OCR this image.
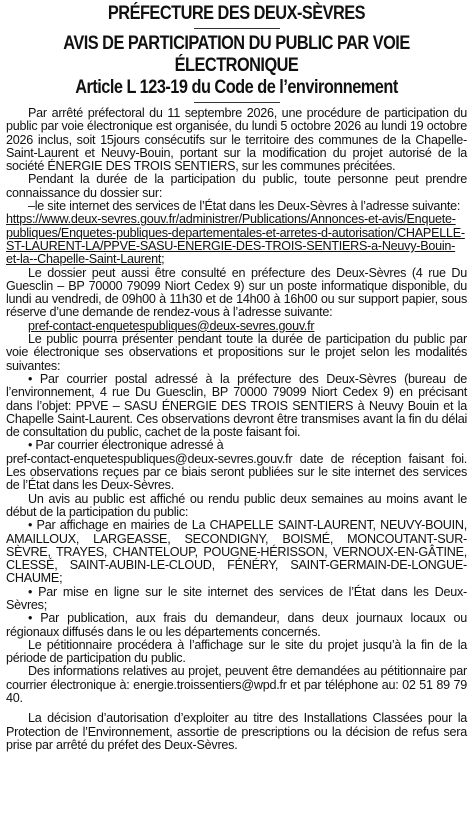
PRÉFECTURE DES DEUX-SÈVRES
AVIS DE PARTICIPATION DU PUBLIC PAR VOIE
ÉLECTRONIQUE
Article L 123-19 du Code de l’environnement

Par arrêté préfectoral du 11 septembre 2026, une procédure de participation du public par voie électronique est organisée, du lundi 5 octobre 2026 au lundi 19 octobre 2026 inclus, soit 15jours consécutifs sur le territoire des communes de la Chapelle-Saint-Laurent et Neuvy-Bouin, portant sur la modification du projet autorisé de la société ÉNERGIE DES TROIS SENTIERS, sur les communes précitées.

Pendant la durée de la participation du public, toute personne peut prendre connaissance du dossier sur:

–le site internet des services de l’État dans les Deux-Sèvres à l’adresse suivante:

https://www.deux-sevres.gouv.fr/administrer/Publications/Annonces-et-avis/Enquete-publiques/Enquetes-publiques-departementales-et-arretes-d-autorisation/CHAPELLE-ST-LAURENT-LA/PPVE-SASU-ENERGIE-DES-TROIS-SENTIERS-a-Neuvy-Bouin-et-la--Chapelle-Saint-Laurent;

Le dossier peut aussi être consulté en préfecture des Deux-Sèvres (4 rue Du Guesclin – BP 70000 79099 Niort Cedex 9) sur un poste informatique disponible, du lundi au vendredi, de 09h00 à 11h30 et de 14h00 à 16h00 ou sur support papier, sous réserve d’une demande de rendez-vous à l’adresse suivante:

pref-contact-enquetespubliques@deux-sevres.gouv.fr

Le public pourra présenter pendant toute la durée de participation du public par voie électronique ses observations et propositions sur le projet selon les modalités suivantes:

• Par courrier postal adressé à la préfecture des Deux-Sèvres (bureau de l’environnement, 4 rue Du Guesclin, BP 70000 79099 Niort Cedex 9) en précisant dans l’objet: PPVE – SASU ÉNERGIE DES TROIS SENTIERS à Neuvy Bouin et la Chapelle Saint-Laurent. Ces observations devront être transmises avant la fin du délai de consultation du public, cachet de la poste faisant foi.

• Par courrier électronique adressé à

pref-contact-enquetespubliques@deux-sevres.gouv.fr date de réception faisant foi. Les observations reçues par ce biais seront publiées sur le site internet des services de l’État dans les Deux-Sèvres.

Un avis au public est affiché ou rendu public deux semaines au moins avant le début de la participation du public:

• Par affichage en mairies de La CHAPELLE SAINT-LAURENT, NEUVY-BOUIN, AMAILLOUX, LARGEASSE, SECONDIGNY, BOISMÉ, MONCOUTANT-SUR-SÈVRE, TRAYES, CHANTELOUP, POUGNE-HÉRISSON, VERNOUX-EN-GÂTINE, CLESSÉ, SAINT-AUBIN-LE-CLOUD, FÉNÉRY, SAINT-GERMAIN-DE-LONGUE-CHAUME;

• Par mise en ligne sur le site internet des services de l’État dans les Deux-Sèvres;

• Par publication, aux frais du demandeur, dans deux journaux locaux ou régionaux diffusés dans le ou les départements concernés.

Le pétitionnaire procédera à l’affichage sur le site du projet jusqu’à la fin de la période de participation du public.

Des informations relatives au projet, peuvent être demandées au pétitionnaire par courrier électronique à: energie.troissentiers@wpd.fr et par téléphone au: 02 51 89 79 40.

La décision d’autorisation d’exploiter au titre des Installations Classées pour la Protection de l’Environnement, assortie de prescriptions ou la décision de refus sera prise par arrêté du préfet des Deux-Sèvres.
